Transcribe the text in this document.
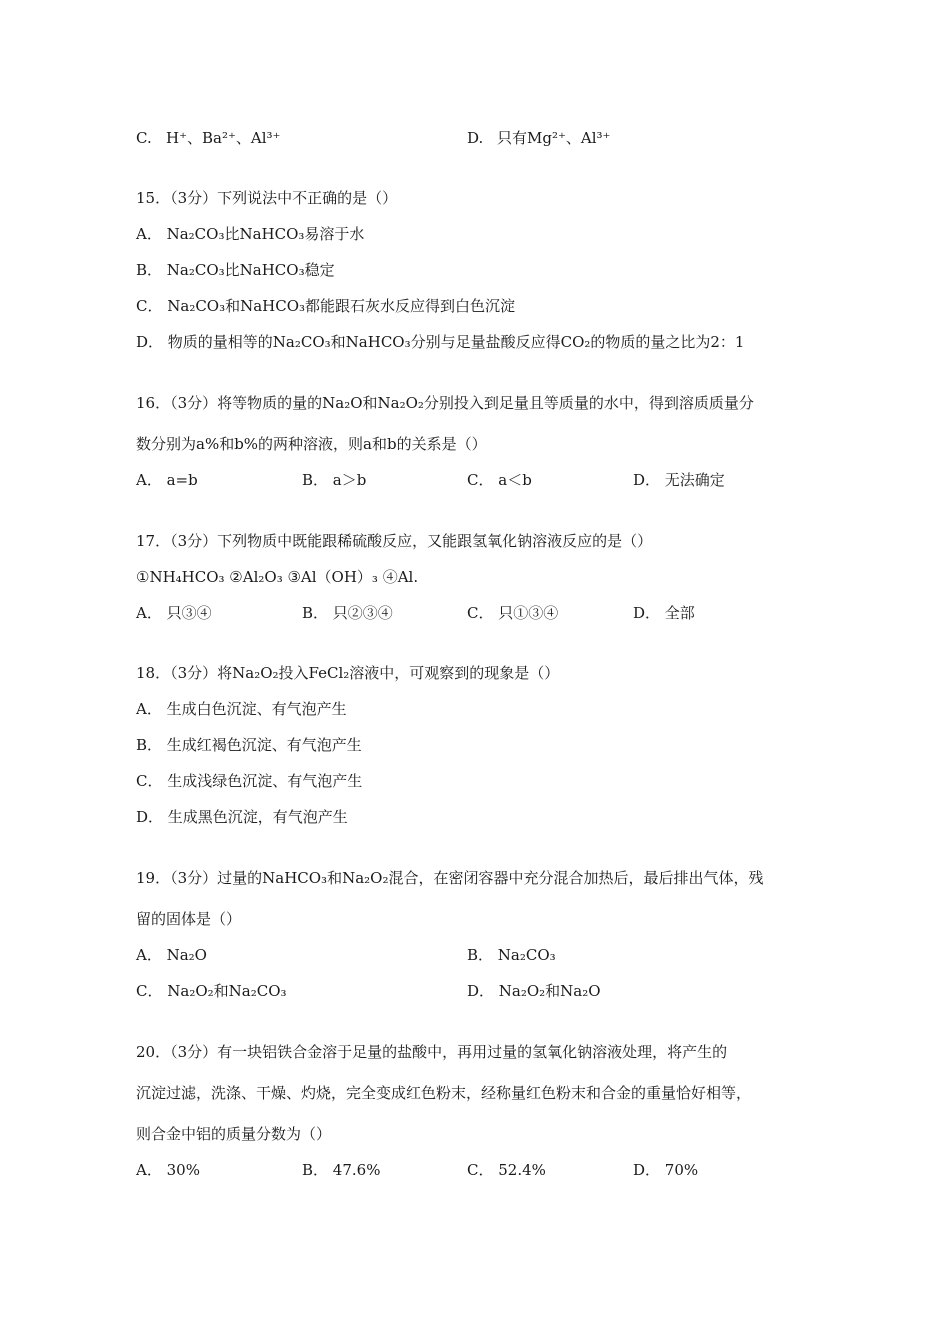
C. H⁺、Ba²⁺、Al³⁺	D. 只有Mg²⁺、Al³⁺
15．（3分）下列说法中不正确的是（）
A． Na₂CO₃比NaHCO₃易溶于水
B． Na₂CO₃比NaHCO₃稳定
C． Na₂CO₃和NaHCO₃都能跟石灰水反应得到白色沉淀
D． 物质的量相等的Na₂CO₃和NaHCO₃分别与足量盐酸反应得CO₂的物质的量之比为2：1
16．（3分）将等物质的量的Na₂O和Na₂O₂分别投入到足量且等质量的水中，得到溶质质量分
数分别为a%和b%的两种溶液，则a和b的关系是（）
A． a=b	B． a＞b	C． a＜b	D． 无法确定
17．（3分）下列物质中既能跟稀硫酸反应，又能跟氢氧化钠溶液反应的是（）
①NH₄HCO₃ ②Al₂O₃ ③Al（OH）₃ ④Al.
A． 只③④	B． 只②③④	C． 只①③④	D． 全部
18．（3分）将Na₂O₂投入FeCl₂溶液中，可观察到的现象是（）
A． 生成白色沉淀、有气泡产生
B． 生成红褐色沉淀、有气泡产生
C． 生成浅绿色沉淀、有气泡产生
D． 生成黑色沉淀，有气泡产生
19．（3分）过量的NaHCO₃和Na₂O₂混合，在密闭容器中充分混合加热后，最后排出气体，残
留的固体是（）
A． Na₂O	B． Na₂CO₃
C． Na₂O₂和Na₂CO₃	D． Na₂O₂和Na₂O
20．（3分）有一块铝铁合金溶于足量的盐酸中，再用过量的氢氧化钠溶液处理，将产生的
沉淀过滤，洗涤、干燥、灼烧，完全变成红色粉末，经称量红色粉末和合金的重量恰好相等，
则合金中铝的质量分数为（）
A． 30%	B． 47.6%	C． 52.4%	D． 70%
